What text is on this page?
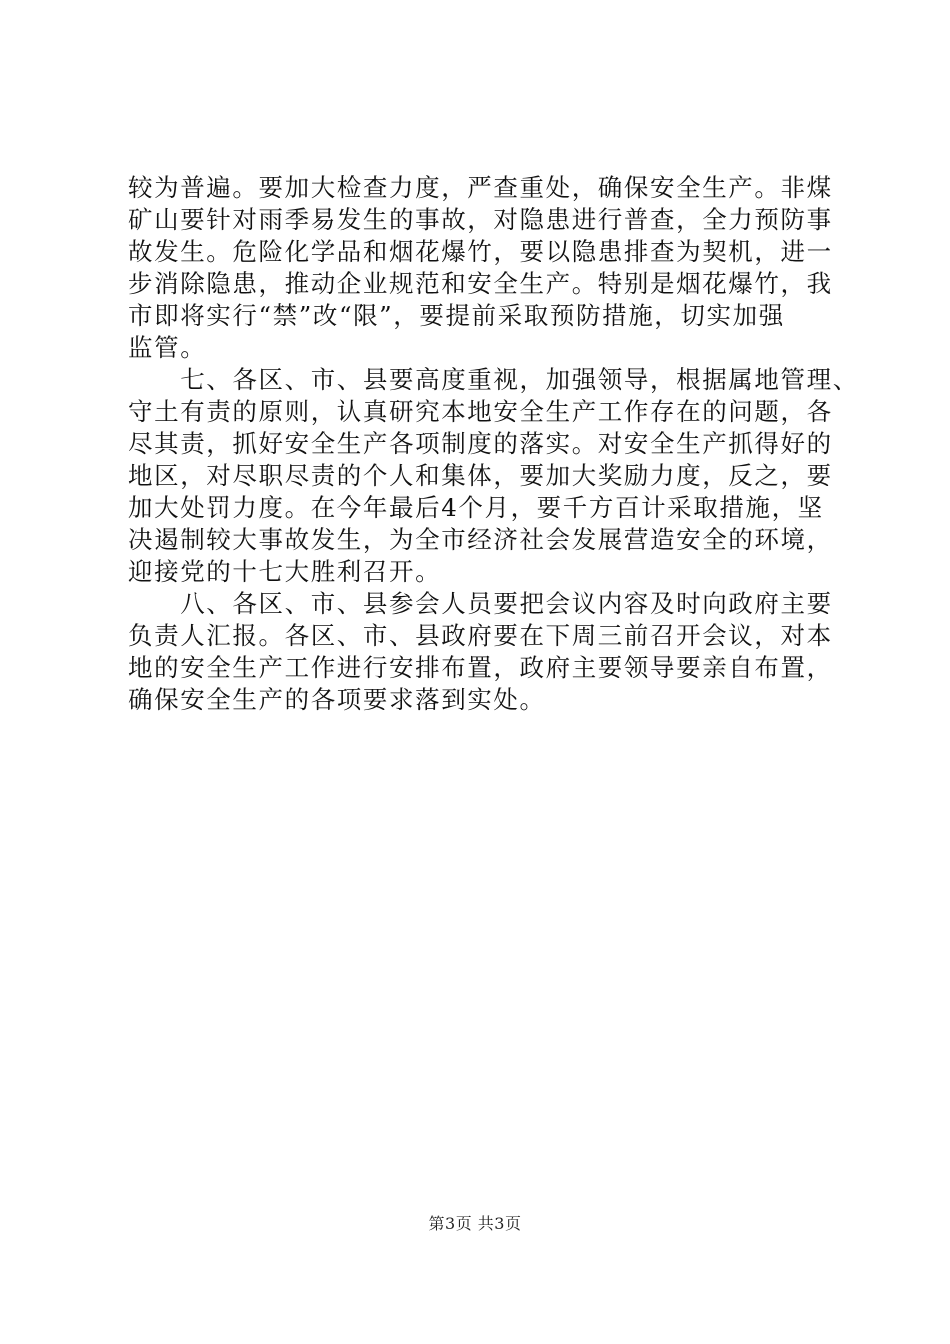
较为普遍。要加大检查力度，严查重处，确保安全生产。非煤
矿山要针对雨季易发生的事故，对隐患进行普查，全力预防事
故发生。危险化学品和烟花爆竹，要以隐患排查为契机，进一
步消除隐患，推动企业规范和安全生产。特别是烟花爆竹，我
市即将实行“禁”改“限”，要提前采取预防措施，切实加强
监管。
　　七、各区、市、县要高度重视，加强领导，根据属地管理、
守土有责的原则，认真研究本地安全生产工作存在的问题，各
尽其责，抓好安全生产各项制度的落实。对安全生产抓得好的
地区，对尽职尽责的个人和集体，要加大奖励力度，反之，要
加大处罚力度。在今年最后4个月，要千方百计采取措施，坚
决遏制较大事故发生，为全市经济社会发展营造安全的环境，
迎接党的十七大胜利召开。
　　八、各区、市、县参会人员要把会议内容及时向政府主要
负责人汇报。各区、市、县政府要在下周三前召开会议，对本
地的安全生产工作进行安排布置，政府主要领导要亲自布置，
确保安全生产的各项要求落到实处。
第3页 共3页
